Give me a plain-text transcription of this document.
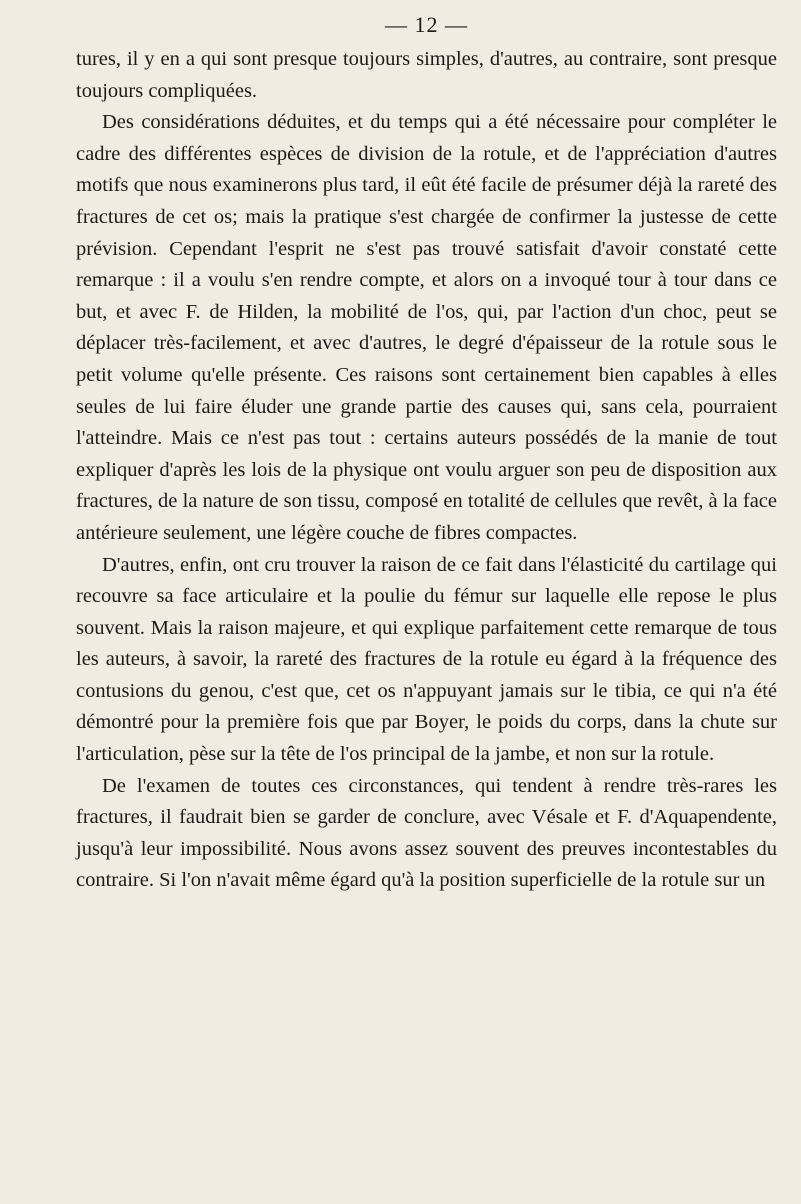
— 12 —

tures, il y en a qui sont presque toujours simples, d'autres, au contraire, sont presque toujours compliquées.

Des considérations déduites, et du temps qui a été nécessaire pour compléter le cadre des différentes espèces de division de la rotule, et de l'appréciation d'autres motifs que nous examinerons plus tard, il eût été facile de présumer déjà la rareté des fractures de cet os; mais la pratique s'est chargée de confirmer la justesse de cette prévision. Cependant l'esprit ne s'est pas trouvé satisfait d'avoir constaté cette remarque : il a voulu s'en rendre compte, et alors on a invoqué tour à tour dans ce but, et avec F. de Hilden, la mobilité de l'os, qui, par l'action d'un choc, peut se déplacer très-facilement, et avec d'autres, le degré d'épaisseur de la rotule sous le petit volume qu'elle présente. Ces raisons sont certainement bien capables à elles seules de lui faire éluder une grande partie des causes qui, sans cela, pourraient l'atteindre. Mais ce n'est pas tout : certains auteurs possédés de la manie de tout expliquer d'après les lois de la physique ont voulu arguer son peu de disposition aux fractures, de la nature de son tissu, composé en totalité de cellules que revêt, à la face antérieure seulement, une légère couche de fibres compactes.

D'autres, enfin, ont cru trouver la raison de ce fait dans l'élasticité du cartilage qui recouvre sa face articulaire et la poulie du fémur sur laquelle elle repose le plus souvent. Mais la raison majeure, et qui explique parfaitement cette remarque de tous les auteurs, à savoir, la rareté des fractures de la rotule eu égard à la fréquence des contusions du genou, c'est que, cet os n'appuyant jamais sur le tibia, ce qui n'a été démontré pour la première fois que par Boyer, le poids du corps, dans la chute sur l'articulation, pèse sur la tête de l'os principal de la jambe, et non sur la rotule.

De l'examen de toutes ces circonstances, qui tendent à rendre très-rares les fractures, il faudrait bien se garder de conclure, avec Vésale et F. d'Aquapendente, jusqu'à leur impossibilité. Nous avons assez souvent des preuves incontestables du contraire. Si l'on n'avait même égard qu'à la position superficielle de la rotule sur un
